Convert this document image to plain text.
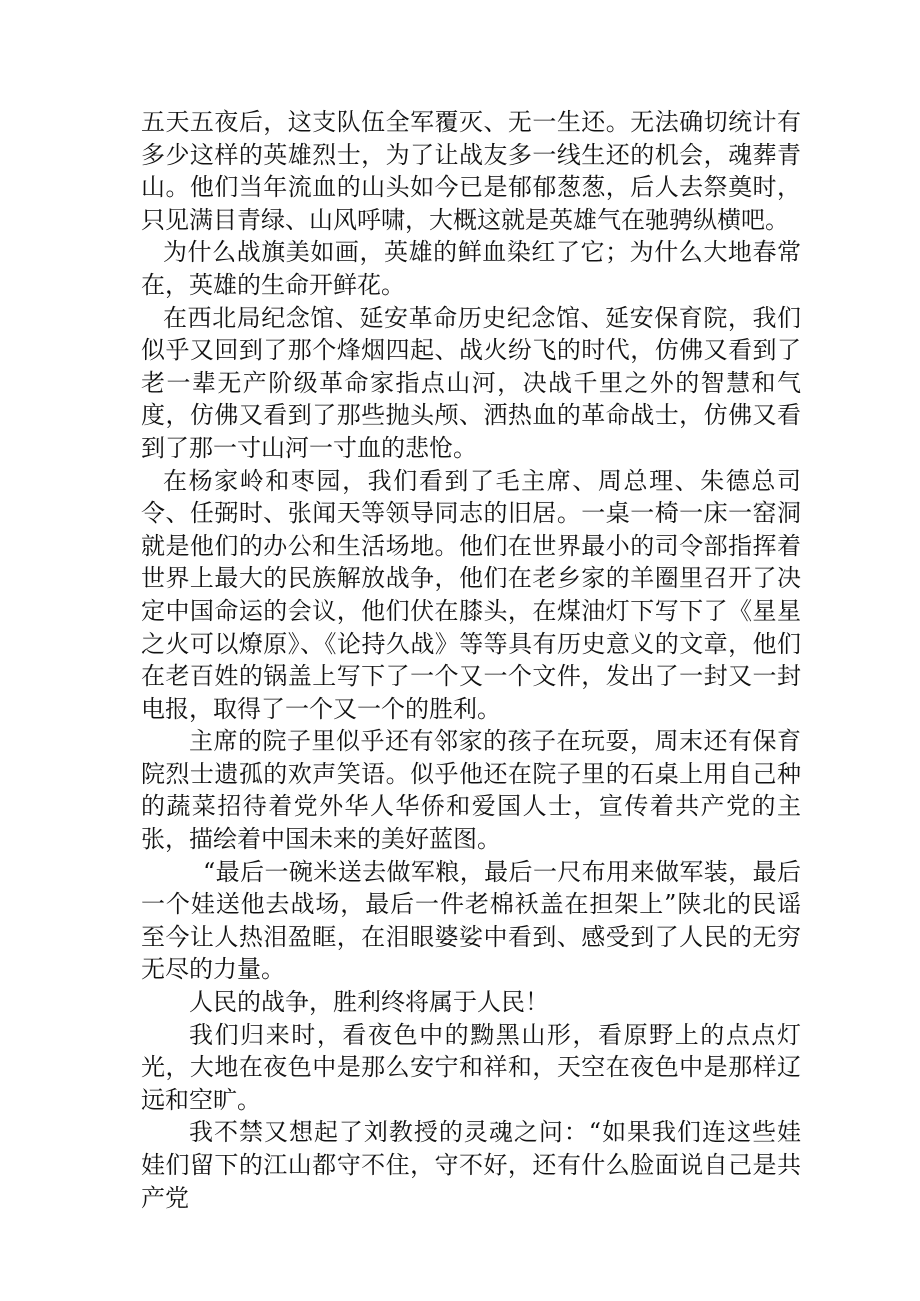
五天五夜后，这支队伍全军覆灭、无一生还。无法确切统计有多少这样的英雄烈士，为了让战友多一线生还的机会，魂葬青山。他们当年流血的山头如今已是郁郁葱葱，后人去祭奠时，只见满目青绿、山风呼啸，大概这就是英雄气在驰骋纵横吧。

为什么战旗美如画，英雄的鲜血染红了它；为什么大地春常在，英雄的生命开鲜花。

在西北局纪念馆、延安革命历史纪念馆、延安保育院，我们似乎又回到了那个烽烟四起、战火纷飞的时代，仿佛又看到了老一辈无产阶级革命家指点山河，决战千里之外的智慧和气度，仿佛又看到了那些抛头颅、洒热血的革命战士，仿佛又看到了那一寸山河一寸血的悲怆。

在杨家岭和枣园，我们看到了毛主席、周总理、朱德总司令、任弼时、张闻天等领导同志的旧居。一桌一椅一床一窑洞就是他们的办公和生活场地。他们在世界最小的司令部指挥着世界上最大的民族解放战争，他们在老乡家的羊圈里召开了决定中国命运的会议，他们伏在膝头，在煤油灯下写下了《星星之火可以燎原》、《论持久战》等等具有历史意义的文章，他们在老百姓的锅盖上写下了一个又一个文件，发出了一封又一封电报，取得了一个又一个的胜利。

主席的院子里似乎还有邻家的孩子在玩耍，周末还有保育院烈士遗孤的欢声笑语。似乎他还在院子里的石桌上用自己种的蔬菜招待着党外华人华侨和爱国人士，宣传着共产党的主张，描绘着中国未来的美好蓝图。

“最后一碗米送去做军粮，最后一尺布用来做军装，最后一个娃送他去战场，最后一件老棉袄盖在担架上”陕北的民谣至今让人热泪盈眶，在泪眼婆娑中看到、感受到了人民的无穷无尽的力量。

人民的战争，胜利终将属于人民！

我们归来时，看夜色中的黝黑山形，看原野上的点点灯光，大地在夜色中是那么安宁和祥和，天空在夜色中是那样辽远和空旷。

我不禁又想起了刘教授的灵魂之问：“如果我们连这些娃娃们留下的江山都守不住，守不好，还有什么脸面说自己是共产党
